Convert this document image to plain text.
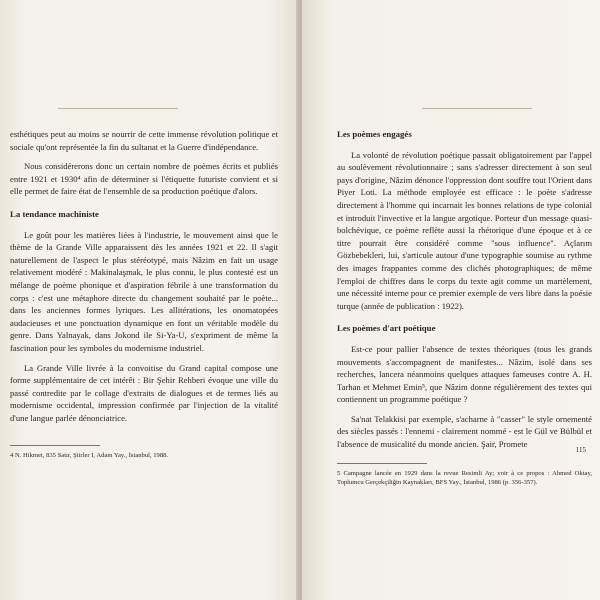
esthétiques peut au moins se nourrir de cette immense révolution politique et sociale qu'ont représentée la fin du sultanat et la Guerre d'indépendance.

Nous considérerons donc un certain nombre de poèmes écrits et publiés entre 1921 et 1930⁴ afin de déterminer si l'étiquette futuriste convient et si elle permet de faire état de l'ensemble de sa production poétique d'alors.

La tendance machiniste

Le goût pour les matières liées à l'industrie, le mouvement ainsi que le thème de la Grande Ville apparaissent dès les années 1921 et 22. Il s'agit naturellement de l'aspect le plus stéréotypé, mais Nâzim en fait un usage relativement modéré : Makinalaşmak, le plus connu, le plus contesté est un mélange de poème phonique et d'aspiration fébrile à une transformation du corps : c'est une métaphore directe du changement souhaité par le poète... dans les anciennes formes lyriques. Les allitérations, les onomatopées audacieuses et une ponctuation dynamique en font un véritable modèle du genre. Dans Yalnayak, dans Jokond ile Si-Ya-U, s'expriment de même la fascination pour les symboles du modernisme industriel.

La Grande Ville livrée à la convoitise du Grand capital compose une forme supplémentaire de cet intérêt : Bir Şehir Rehberi évoque une ville du passé contredite par le collage d'extraits de dialogues et de termes liés au modernisme occidental, impression confirmée par l'injection de la vitalité d'une langue parlée dénonciatrice.

4 N. Hikmet, 835 Satır, Şiirler I, Adam Yay., İstanbul, 1988.

Les poèmes engagés

La volonté de révolution poétique passait obligatoirement par l'appel au soulèvement révolutionnaire ; sans s'adresser directement à son seul pays d'origine, Nâzim dénonce l'oppression dont souffre tout l'Orient dans Piyer Loti. La méthode employée est efficace : le poète s'adresse directement à l'homme qui incarnait les bonnes relations de type colonial et introduit l'invective et la langue argotique. Porteur d'un message quasi-bolchévique, ce poème reflète aussi la rhétorique d'une époque et à ce titre pourrait être considéré comme "sous influence". Açlarım Gözbebekleri, lui, s'articule autour d'une typographie soumise au rythme des images frappantes comme des clichés photographiques; de même l'emploi de chiffres dans le corps du texte agit comme un martèlement, une nécessité interne pour ce premier exemple de vers libre dans la poésie turque (année de publication : 1922).

Les poèmes d'art poétique

Est-ce pour pallier l'absence de textes théoriques (tous les grands mouvements s'accompagnent de manifestes... Nâzim, isolé dans ses recherches, lancera néanmoins quelques attaques fameuses contre A. H. Tarhan et Mehmet Emin⁵, que Nâzim donne régulièrement des textes qui contiennent un programme poétique ?

Sa'nat Telakkisi par exemple, s'acharne à "casser" le style ornementé des siècles passés : l'ennemi - clairement nommé - est le Gül ve Bülbül et l'absence de musicalité du monde ancien. Şair, Promete

5 Campagne lancée en 1929 dans la revue Resimli Ay; voir à ce propos : Ahmed Oktay, Toplumcu Gerçekçiliğin Kaynakları, BFS Yay., İstanbul, 1986 (p. 356-357).

115
